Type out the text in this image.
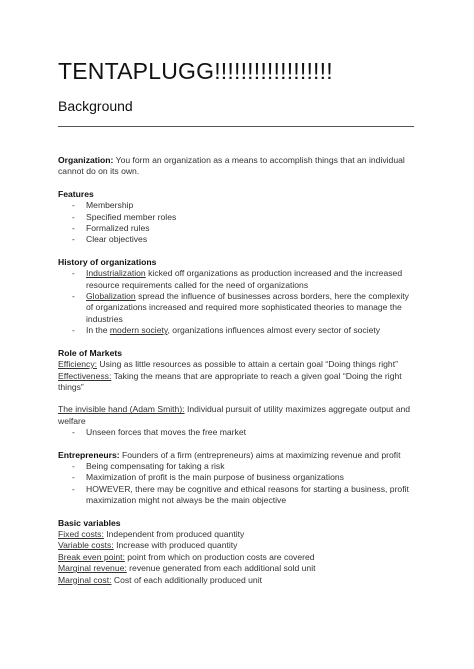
TENTAPLUGG!!!!!!!!!!!!!!!!!!
Background

Organization: You form an organization as a means to accomplish things that an individual cannot do on its own.

Features

- Membership
- Specified member roles
- Formalized rules
- Clear objectives

History of organizations

- Industrialization kicked off organizations as production increased and the increased resource requirements called for the need of organizations
- Globalization spread the influence of businesses across borders, here the complexity of organizations increased and required more sophisticated theories to manage the industries
- In the modern society, organizations influences almost every sector of society

Role of Markets

Efficiency: Using as little resources as possible to attain a certain goal “Doing things right”

Effectiveness: Taking the means that are appropriate to reach a given goal “Doing the right things”

The invisible hand (Adam Smith): Individual pursuit of utility maximizes aggregate output and welfare

- Unseen forces that moves the free market

Entrepreneurs: Founders of a firm (entrepreneurs) aims at maximizing revenue and profit

- Being compensating for taking a risk
- Maximization of profit is the main purpose of business organizations
- HOWEVER, there may be cognitive and ethical reasons for starting a business, profit maximization might not always be the main objective

Basic variables

Fixed costs: Independent from produced quantity

Variable costs: Increase with produced quantity

Break even point: point from which on production costs are covered

Marginal revenue: revenue generated from each additional sold unit

Marginal cost: Cost of each additionally produced unit
